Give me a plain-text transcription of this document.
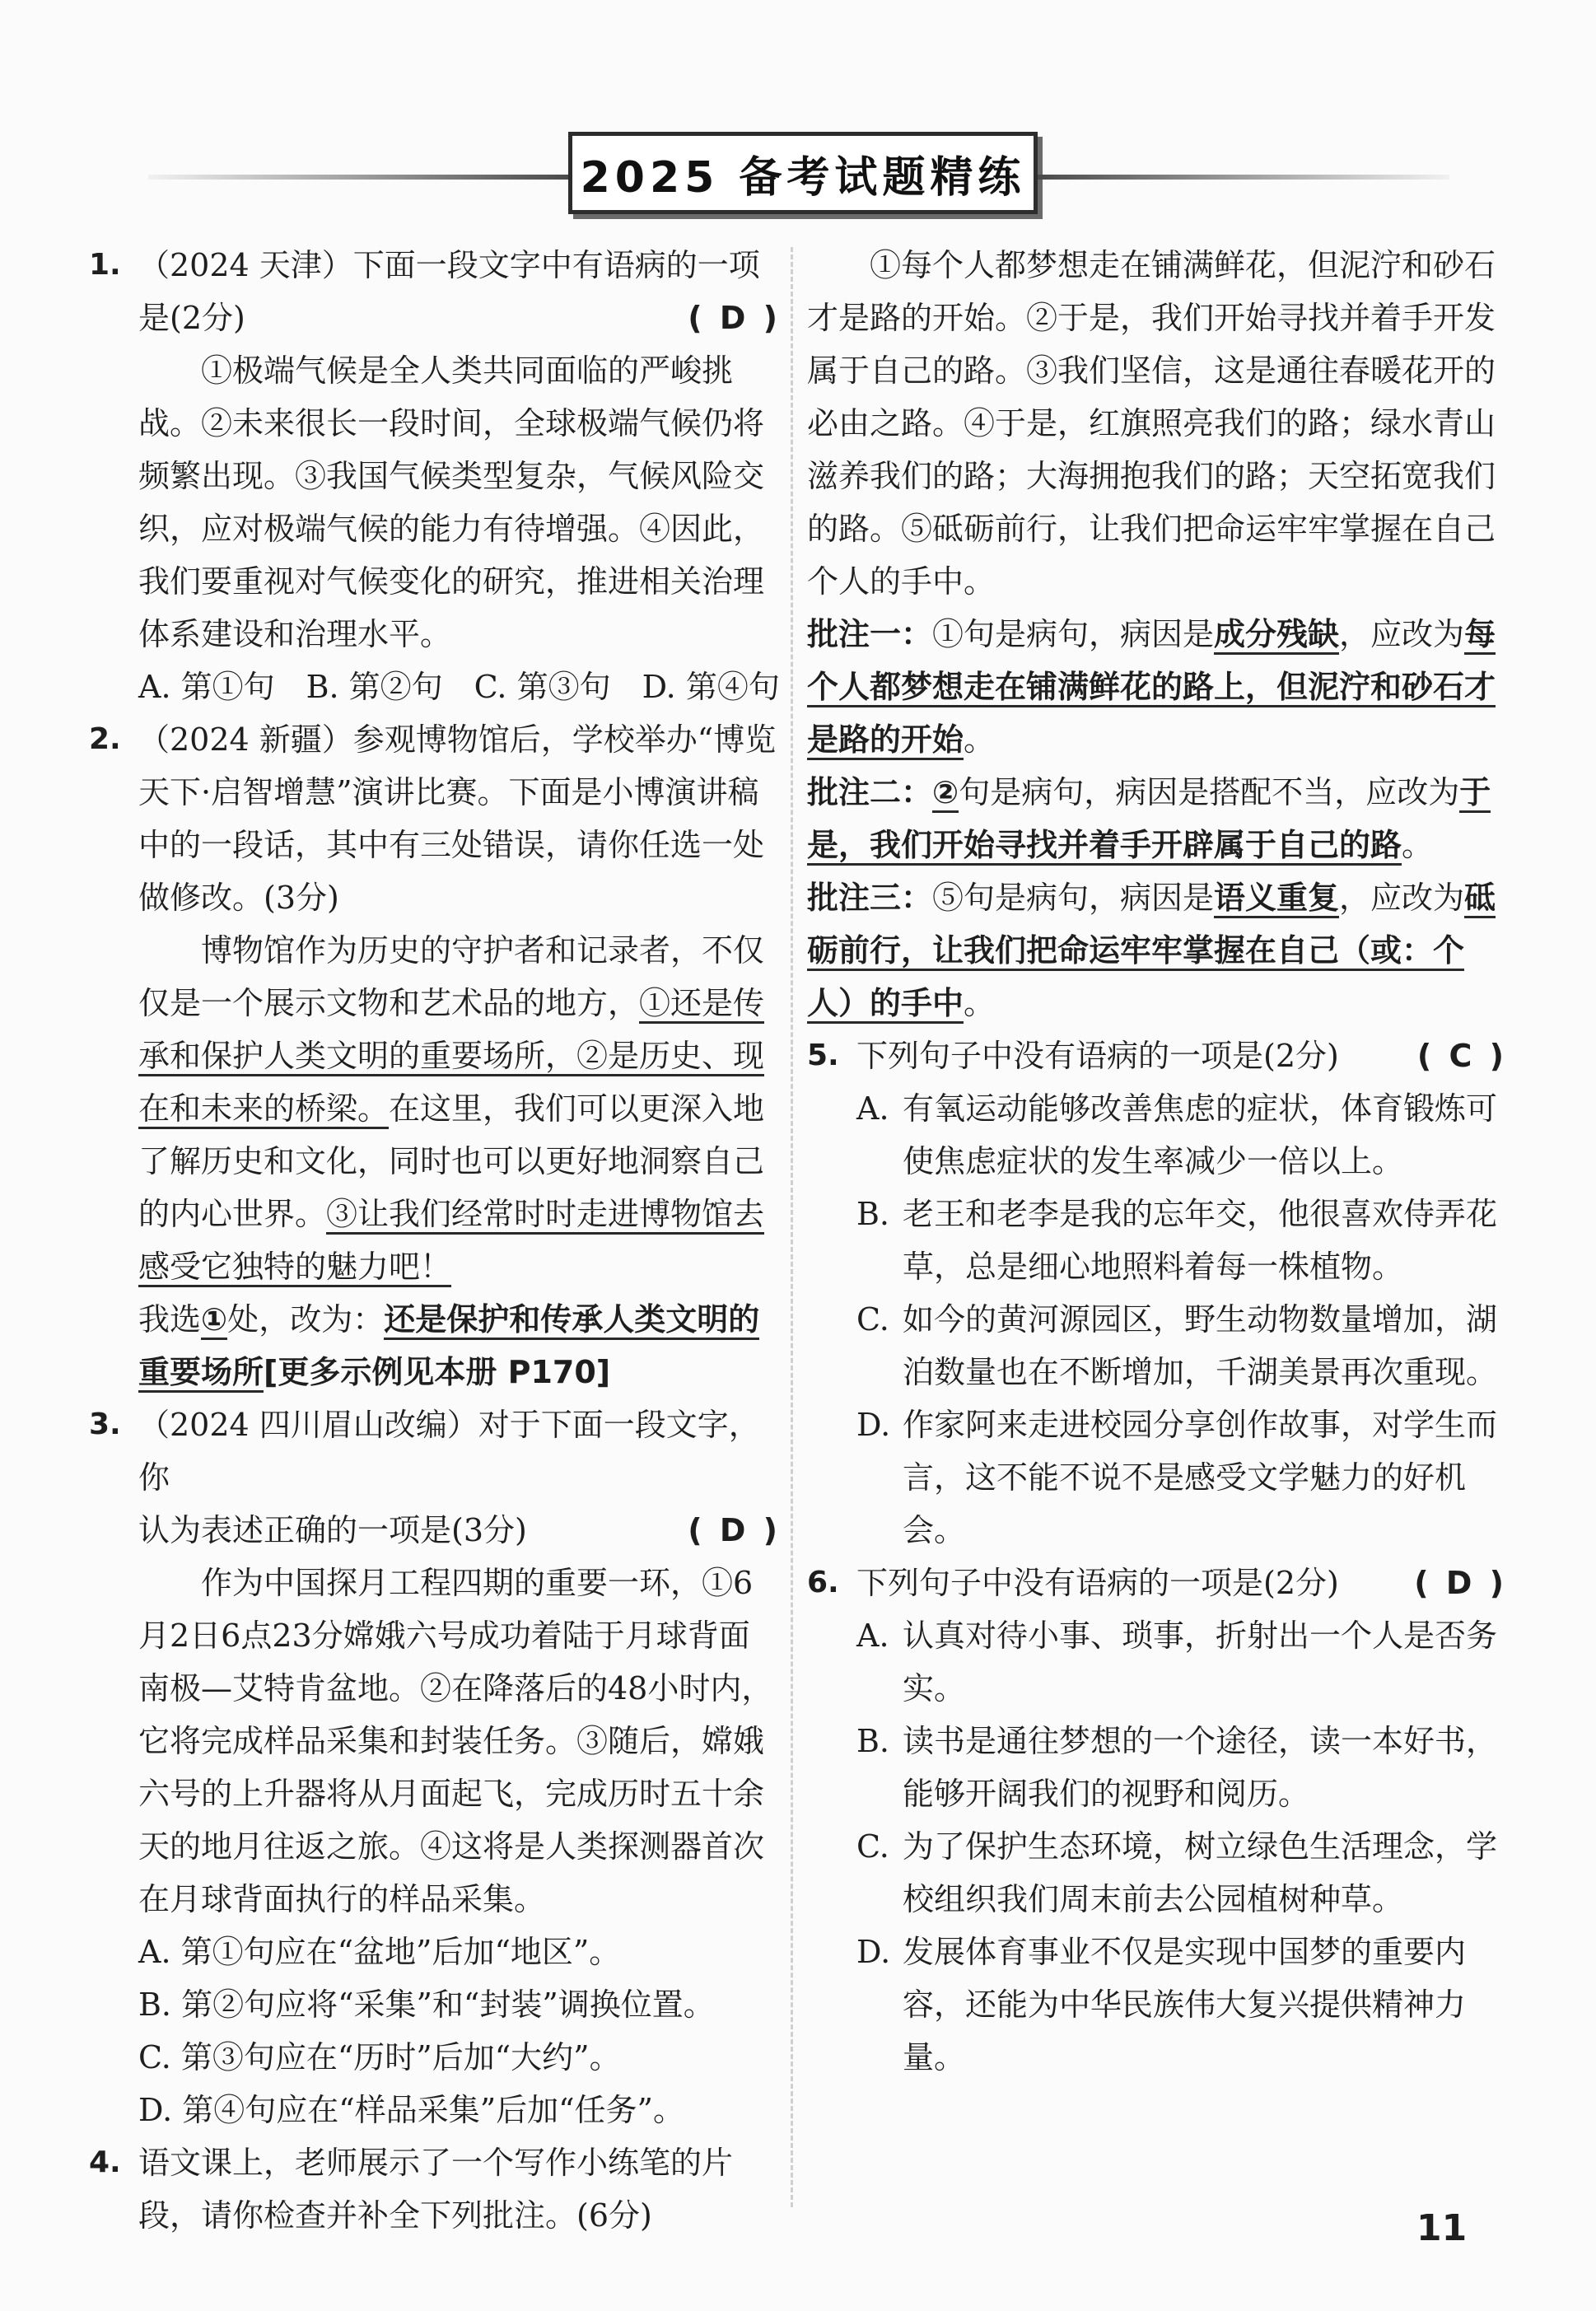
2025 备考试题精练
1. （2024 天津）下面一段文字中有语病的一项
是(2分)	( D )
①极端气候是全人类共同面临的严峻挑战。②未来很长一段时间，全球极端气候仍将频繁出现。③我国气候类型复杂，气候风险交织，应对极端气候的能力有待增强。④因此，我们要重视对气候变化的研究，推进相关治理体系建设和治理水平。
A. 第①句　B. 第②句　C. 第③句　D. 第④句
2. （2024 新疆）参观博物馆后，学校举办“博览天下·启智增慧”演讲比赛。下面是小博演讲稿中的一段话，其中有三处错误，请你任选一处做修改。(3分)
博物馆作为历史的守护者和记录者，不仅仅是一个展示文物和艺术品的地方，①还是传承和保护人类文明的重要场所，②是历史、现在和未来的桥梁。在这里，我们可以更深入地了解历史和文化，同时也可以更好地洞察自己的内心世界。③让我们经常时时走进博物馆去感受它独特的魅力吧！
我选①处，改为：还是保护和传承人类文明的重要场所[更多示例见本册 P170]
3. （2024 四川眉山改编）对于下面一段文字，你
认为表述正确的一项是(3分)	( D )
作为中国探月工程四期的重要一环，①6月2日6点23分嫦娥六号成功着陆于月球背面南极—艾特肯盆地。②在降落后的48小时内，它将完成样品采集和封装任务。③随后，嫦娥六号的上升器将从月面起飞，完成历时五十余天的地月往返之旅。④这将是人类探测器首次在月球背面执行的样品采集。
A. 第①句应在“盆地”后加“地区”。
B. 第②句应将“采集”和“封装”调换位置。
C. 第③句应在“历时”后加“大约”。
D. 第④句应在“样品采集”后加“任务”。
4. 语文课上，老师展示了一个写作小练笔的片段，请你检查并补全下列批注。(6分)
①每个人都梦想走在铺满鲜花，但泥泞和砂石才是路的开始。②于是，我们开始寻找并着手开发属于自己的路。③我们坚信，这是通往春暖花开的必由之路。④于是，红旗照亮我们的路；绿水青山滋养我们的路；大海拥抱我们的路；天空拓宽我们的路。⑤砥砺前行，让我们把命运牢牢掌握在自己个人的手中。
批注一：①句是病句，病因是成分残缺，应改为每个人都梦想走在铺满鲜花的路上，但泥泞和砂石才是路的开始。
批注二：②句是病句，病因是搭配不当，应改为于是，我们开始寻找并着手开辟属于自己的路。
批注三：⑤句是病句，病因是语义重复，应改为砥砺前行，让我们把命运牢牢掌握在自己（或：个人）的手中。
5. 下列句子中没有语病的一项是(2分)	( C )
A. 有氧运动能够改善焦虑的症状，体育锻炼可使焦虑症状的发生率减少一倍以上。
B. 老王和老李是我的忘年交，他很喜欢侍弄花草，总是细心地照料着每一株植物。
C. 如今的黄河源园区，野生动物数量增加，湖泊数量也在不断增加，千湖美景再次重现。
D. 作家阿来走进校园分享创作故事，对学生而言，这不能不说不是感受文学魅力的好机会。
6. 下列句子中没有语病的一项是(2分) ( D )
A. 认真对待小事、琐事，折射出一个人是否务实。
B. 读书是通往梦想的一个途径，读一本好书，能够开阔我们的视野和阅历。
C. 为了保护生态环境，树立绿色生活理念，学校组织我们周末前去公园植树种草。
D. 发展体育事业不仅是实现中国梦的重要内容，还能为中华民族伟大复兴提供精神力量。
11
